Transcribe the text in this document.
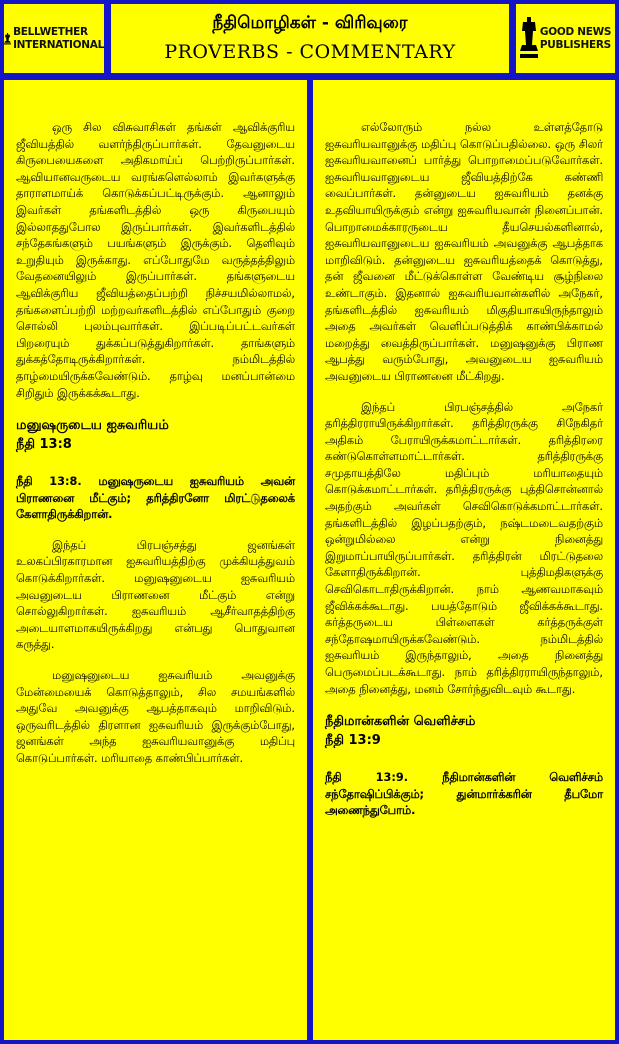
BELLWETHER
INTERNATIONAL
நீதிமொழிகள் - விரிவுரை
PROVERBS - COMMENTARY
GOOD NEWS
PUBLISHERS

ஒரு சில விசுவாசிகள் தங்கள் ஆவிக்குரிய ஜீவியத்தில் வளர்ந்திருப்பார்கள். தேவனுடைய கிருபையைகளை அதிகமாய்ப் பெற்றிருப்பார்கள். ஆவியானவருடைய வரங்களெல்லாம் இவர்களுக்கு தாராளமாய்க் கொடுக்கப்பட்டிருக்கும். ஆனாலும் இவர்கள் தங்களிடத்தில் ஒரு கிருபையும் இல்லாததுபோல இருப்பார்கள். இவர்களிடத்தில் சந்தேகங்களும் பயங்களும் இருக்கும். தெளிவும் உறுதியும் இருக்காது. எப்போதுமே வருத்தத்திலும் வேதனையிலும் இருப்பார்கள். தங்களுடைய ஆவிக்குரிய ஜீவியத்தைப்பற்றி நிச்சயமில்லாமல், தங்களைப்பற்றி மற்றவர்களிடத்தில் எப்போதும் குறை சொல்லி புலம்புவார்கள். இப்படிப்பட்டவர்கள் பிறரையும் துக்கப்படுத்துகிறார்கள். தாங்களும் துக்கத்தோடிருக்கிறார்கள். நம்மிடத்தில் தாழ்மையிருக்கவேண்டும். தாழ்வு மனப்பான்மை சிறிதும் இருக்கக்கூடாது.

மனுஷருடைய ஐசுவரியம்
நீதி 13:8

நீதி 13:8. மனுஷருடைய ஐசுவரியம் அவன் பிராணனை மீட்கும்; தரித்திரனோ மிரட்டுதலைக் கேளாதிருக்கிறான்.

இந்தப் பிரபஞ்சத்து ஜனங்கள் உலகப்பிரகாரமான ஐசுவரியத்திற்கு முக்கியத்துவம் கொடுக்கிறார்கள். மனுஷனுடைய ஐசுவரியம் அவனுடைய பிராணனை மீட்கும் என்று சொல்லுகிறார்கள். ஐசுவரியம் ஆசீர்வாதத்திற்கு அடையாளமாகயிருக்கிறது என்பது பொதுவான கருத்து.

மனுஷனுடைய ஐசுவரியம் அவனுக்கு மேன்மையைக் கொடுத்தாலும், சில சமயங்களில் அதுவே அவனுக்கு ஆபத்தாகவும் மாறிவிடும். ஒருவரிடத்தில் திரளான ஐசுவரியம் இருக்கும்போது, ஜனங்கள் அந்த ஐசுவரியவானுக்கு மதிப்பு கொடுப்பார்கள். மரியாதை காண்பிப்பார்கள்.

எல்லோரும் நல்ல உள்ளத்தோடு ஐசுவரியவானுக்கு மதிப்பு கொடுப்பதில்லை. ஒரு சிலர் ஐசுவரியவானைப் பார்த்து பொறாமைப்படுவோர்கள். ஐசுவரியவானுடைய ஜீவியத்திற்கே கண்ணி வைப்பார்கள். தன்னுடைய ஐசுவரியம் தனக்கு உதவியாயிருக்கும் என்று ஐசுவரியவான் நினைப்பான். பொறாமைக்காரருடைய தீயசெயல்களினால், ஐசுவரியவானுடைய ஐசுவரியம் அவனுக்கு ஆபத்தாக மாறிவிடும். தன்னுடைய ஐசுவரியத்தைக் கொடுத்து, தன் ஜீவனை மீட்டுக்கொள்ள வேண்டிய சூழ்நிலை உண்டாகும். இதனால் ஐசுவரியவான்களில் அநேகர், தங்களிடத்தில் ஐசுவரியம் மிகுதியாகயிருந்தாலும் அதை அவர்கள் வெளிப்படுத்திக் காண்பிக்காமல் மறைத்து வைத்திருப்பார்கள். மனுஷனுக்கு பிராண ஆபத்து வரும்போது, அவனுடைய ஐசுவரியம் அவனுடைய பிராணனை மீட்கிறது.

இந்தப் பிரபஞ்சத்தில் அநேகர் தரித்திரராயிருக்கிறார்கள். தரித்திரருக்கு சிநேகிதர் அதிகம் பேராயிருக்கமாட்டார்கள். தரித்திரரை கண்டுகொள்ளமாட்டார்கள். தரித்திரருக்கு சமுதாயத்திலே மதிப்பும் மரியாதையும் கொடுக்கமாட்டார்கள். தரித்திரருக்கு புத்திசொன்னால் அதற்கும் அவர்கள் செவிகொடுக்கமாட்டார்கள். தங்களிடத்தில் இழப்பதற்கும், நஷ்டமடைவதற்கும் ஒன்றுமில்லை என்று நினைத்து இறுமாப்பாயிருப்பார்கள். தரித்திரன் மிரட்டுதலை கேளாதிருக்கிறான். புத்திமதிகளுக்கு செவிகொடாதிருக்கிறான். நாம் ஆணவமாகவும் ஜீவிக்கக்கூடாது. பயத்தோடும் ஜீவிக்கக்கூடாது. கர்த்தருடைய பிள்ளைகள் கர்த்தருக்குள் சந்தோஷமாயிருக்கவேண்டும். நம்மிடத்தில் ஐசுவரியம் இருந்தாலும், அதை நினைத்து பெருமைப்படக்கூடாது. நாம் தரித்திரராயிருந்தாலும், அதை நினைத்து, மனம் சோர்ந்துவிடவும் கூடாது.

நீதிமான்களின் வெளிச்சம்
நீதி 13:9

நீதி 13:9. நீதிமான்களின் வெளிச்சம் சந்தோஷிப்பிக்கும்; துன்மார்க்கரின் தீபமோ அணைந்துபோம்.
